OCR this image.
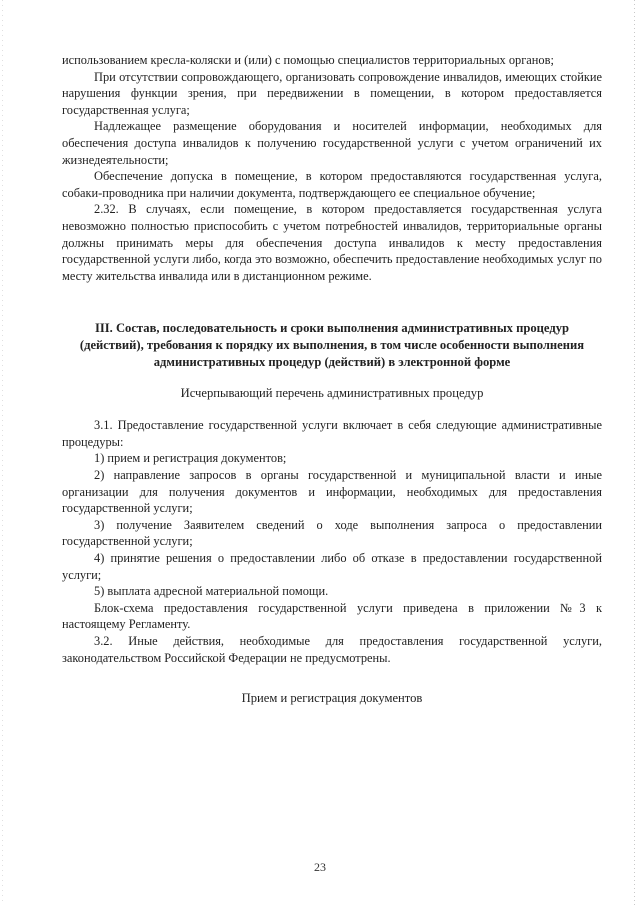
использованием кресла-коляски и (или) с помощью специалистов территориальных органов;

При отсутствии сопровождающего, организовать сопровождение инвалидов, имеющих стойкие нарушения функции зрения, при передвижении в помещении, в котором предоставляется государственная услуга;

Надлежащее размещение оборудования и носителей информации, необходимых для обеспечения доступа инвалидов к получению государственной услуги с учетом ограничений их жизнедеятельности;

Обеспечение допуска в помещение, в котором предоставляются государственная услуга, собаки-проводника при наличии документа, подтверждающего ее специальное обучение;

2.32. В случаях, если помещение, в котором предоставляется государственная услуга невозможно полностью приспособить с учетом потребностей инвалидов, территориальные органы должны принимать меры для обеспечения доступа инвалидов к месту предоставления государственной услуги либо, когда это возможно, обеспечить предоставление необходимых услуг по месту жительства инвалида или в дистанционном режиме.

III. Состав, последовательность и сроки выполнения административных процедур (действий), требования к порядку их выполнения, в том числе особенности выполнения административных процедур (действий) в электронной форме
Исчерпывающий перечень административных процедур

3.1. Предоставление государственной услуги включает в себя следующие административные процедуры:

1) прием и регистрация документов;

2) направление запросов в органы государственной и муниципальной власти и иные организации для получения документов и информации, необходимых для предоставления государственной услуги;

3) получение Заявителем сведений о ходе выполнения запроса о предоставлении государственной услуги;

4) принятие решения о предоставлении либо об отказе в предоставлении государственной услуги;

5) выплата адресной материальной помощи.

Блок-схема предоставления государственной услуги приведена в приложении №3 к настоящему Регламенту.

3.2. Иные действия, необходимые для предоставления государственной услуги, законодательством Российской Федерации не предусмотрены.

Прием и регистрация документов
23
